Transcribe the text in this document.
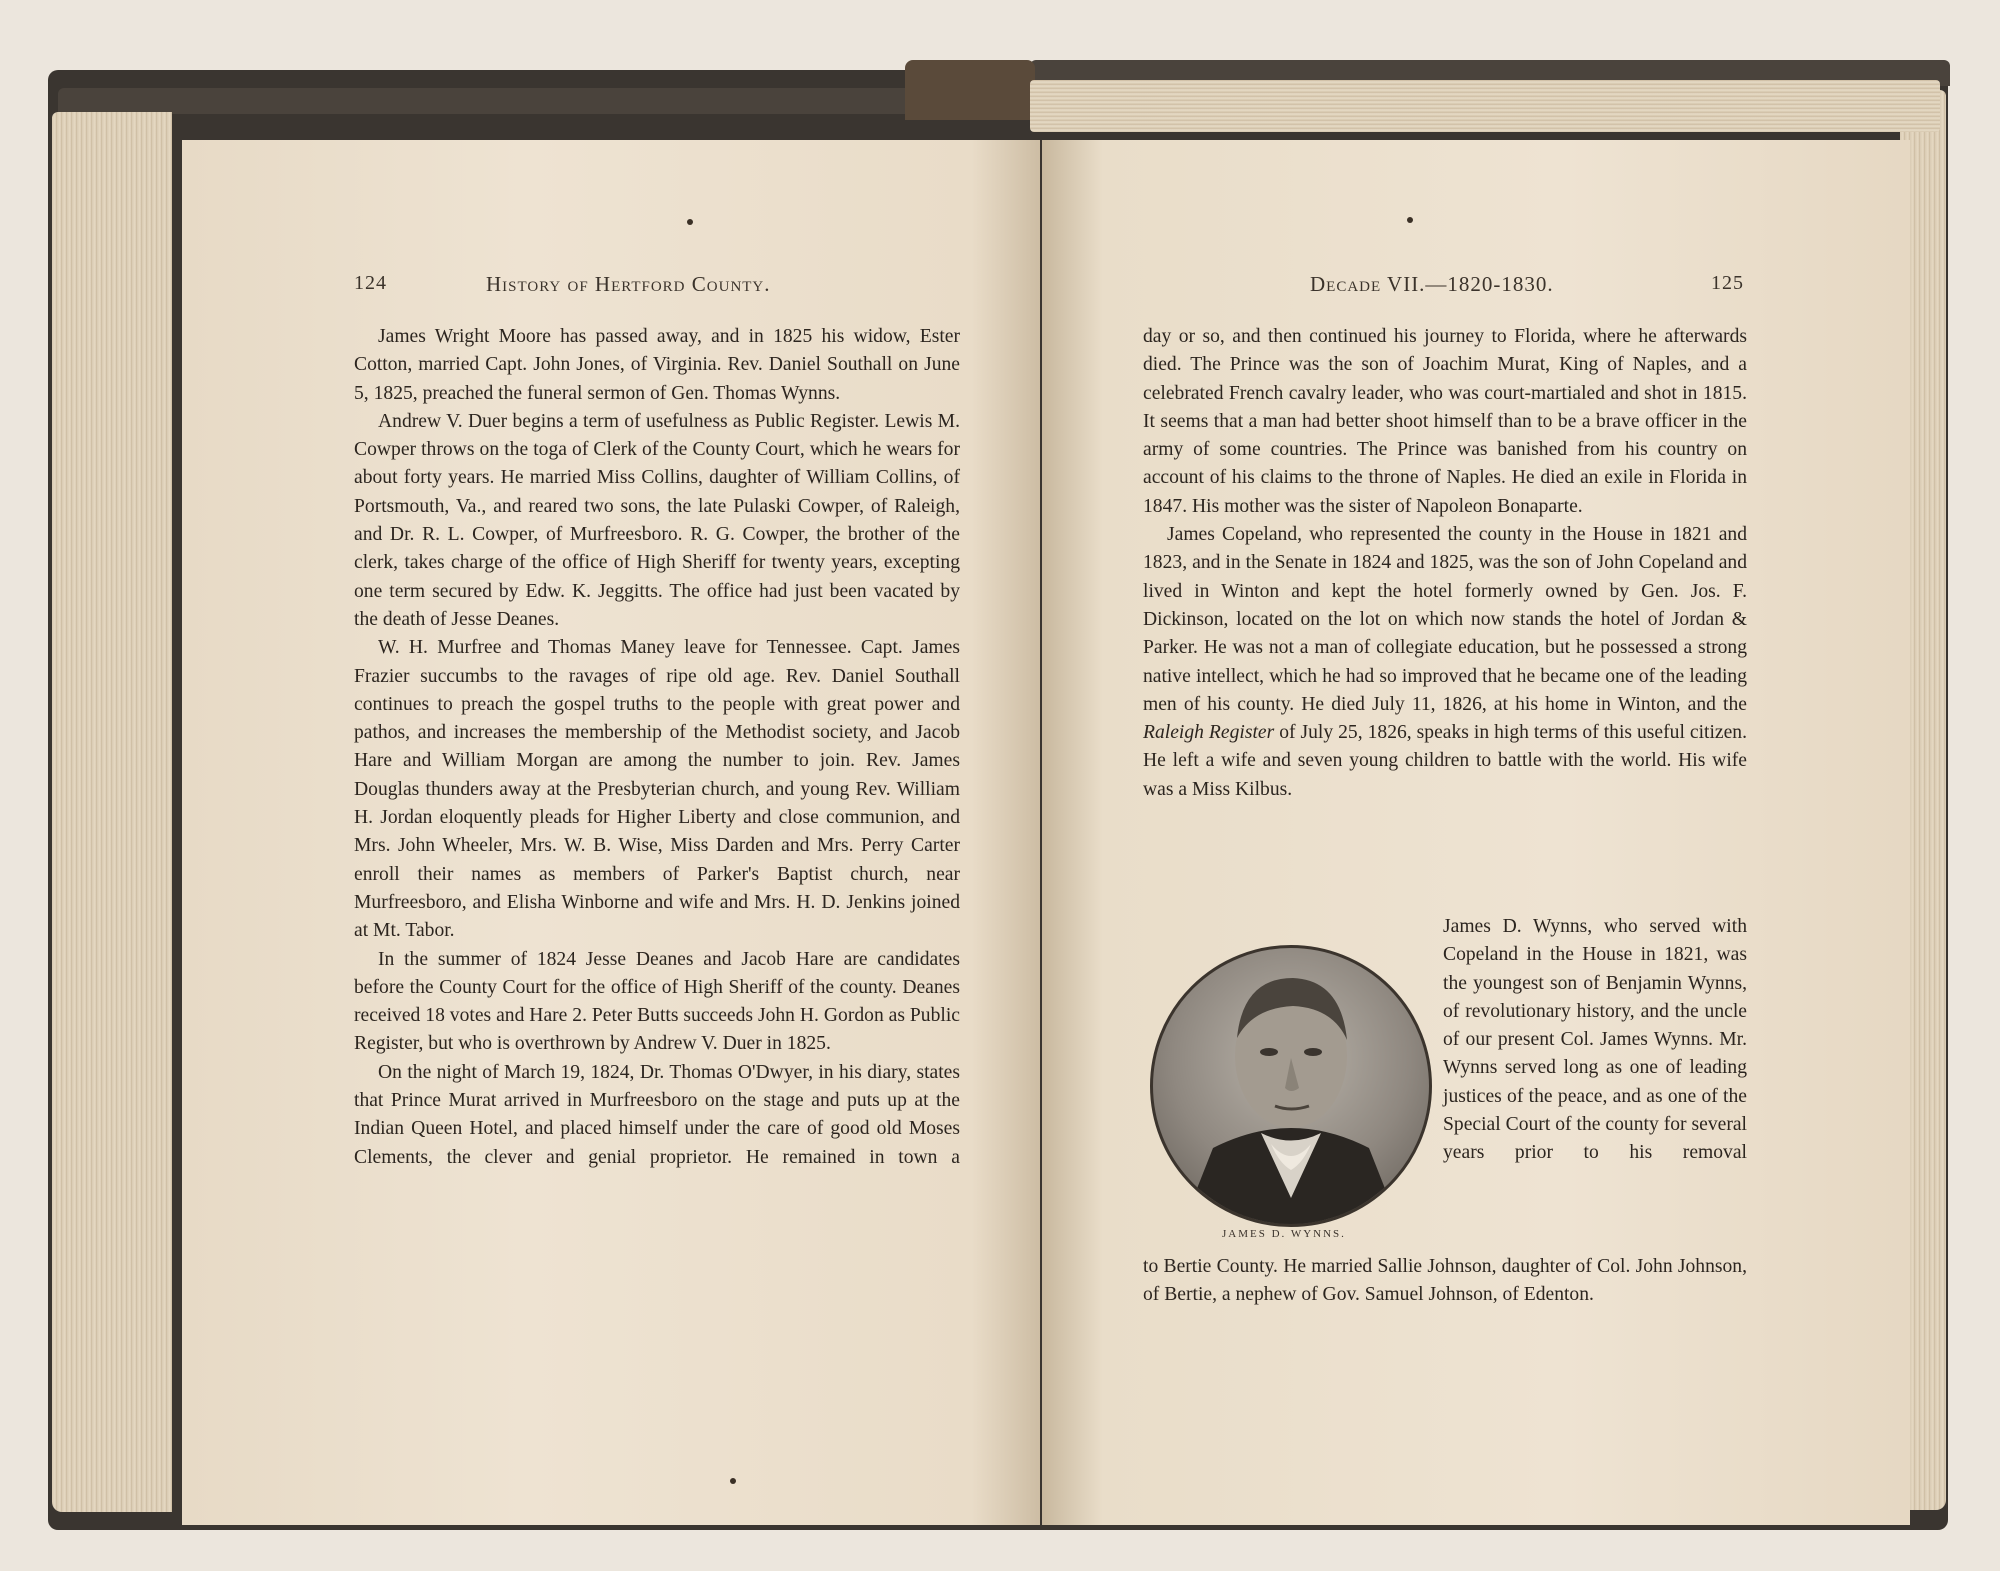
124	History of Hertford County.

James Wright Moore has passed away, and in 1825 his widow, Ester Cotton, married Capt. John Jones, of Virginia. Rev. Daniel Southall on June 5, 1825, preached the funeral sermon of Gen. Thomas Wynns.

Andrew V. Duer begins a term of usefulness as Public Register. Lewis M. Cowper throws on the toga of Clerk of the County Court, which he wears for about forty years. He married Miss Collins, daughter of William Collins, of Portsmouth, Va., and reared two sons, the late Pulaski Cowper, of Raleigh, and Dr. R. L. Cowper, of Murfreesboro. R. G. Cowper, the brother of the clerk, takes charge of the office of High Sheriff for twenty years, excepting one term secured by Edw. K. Jeggitts. The office had just been vacated by the death of Jesse Deanes.

W. H. Murfree and Thomas Maney leave for Tennessee. Capt. James Frazier succumbs to the ravages of ripe old age. Rev. Daniel Southall continues to preach the gospel truths to the people with great power and pathos, and increases the membership of the Methodist society, and Jacob Hare and William Morgan are among the number to join. Rev. James Douglas thunders away at the Presbyterian church, and young Rev. William H. Jordan eloquently pleads for Higher Liberty and close communion, and Mrs. John Wheeler, Mrs. W. B. Wise, Miss Darden and Mrs. Perry Carter enroll their names as members of Parker's Baptist church, near Murfreesboro, and Elisha Winborne and wife and Mrs. H. D. Jenkins joined at Mt. Tabor.

In the summer of 1824 Jesse Deanes and Jacob Hare are candidates before the County Court for the office of High Sheriff of the county. Deanes received 18 votes and Hare 2. Peter Butts succeeds John H. Gordon as Public Register, but who is overthrown by Andrew V. Duer in 1825.

On the night of March 19, 1824, Dr. Thomas O'Dwyer, in his diary, states that Prince Murat arrived in Murfreesboro on the stage and puts up at the Indian Queen Hotel, and placed himself under the care of good old Moses Clements, the clever and genial proprietor. He remained in town a

Decade VII.—1820-1830.	125

day or so, and then continued his journey to Florida, where he afterwards died. The Prince was the son of Joachim Murat, King of Naples, and a celebrated French cavalry leader, who was court-martialed and shot in 1815. It seems that a man had better shoot himself than to be a brave officer in the army of some countries. The Prince was banished from his country on account of his claims to the throne of Naples. He died an exile in Florida in 1847. His mother was the sister of Napoleon Bonaparte.

James Copeland, who represented the county in the House in 1821 and 1823, and in the Senate in 1824 and 1825, was the son of John Copeland and lived in Winton and kept the hotel formerly owned by Gen. Jos. F. Dickinson, located on the lot on which now stands the hotel of Jordan & Parker. He was not a man of collegiate education, but he possessed a strong native intellect, which he had so improved that he became one of the leading men of his county. He died July 11, 1826, at his home in Winton, and the Raleigh Register of July 25, 1826, speaks in high terms of this useful citizen. He left a wife and seven young children to battle with the world. His wife was a Miss Kilbus.

JAMES D. WYNNS.
James D. Wynns, who served with Copeland in the House in 1821, was the youngest son of Benjamin Wynns, of revolutionary history, and the uncle of our present Col. James Wynns. Mr. Wynns served long as one of leading justices of the peace, and as one of the Special Court of the county for several years prior to his removal
to Bertie County. He married Sallie Johnson, daughter of Col. John Johnson, of Bertie, a nephew of Gov. Samuel Johnson, of Edenton.
